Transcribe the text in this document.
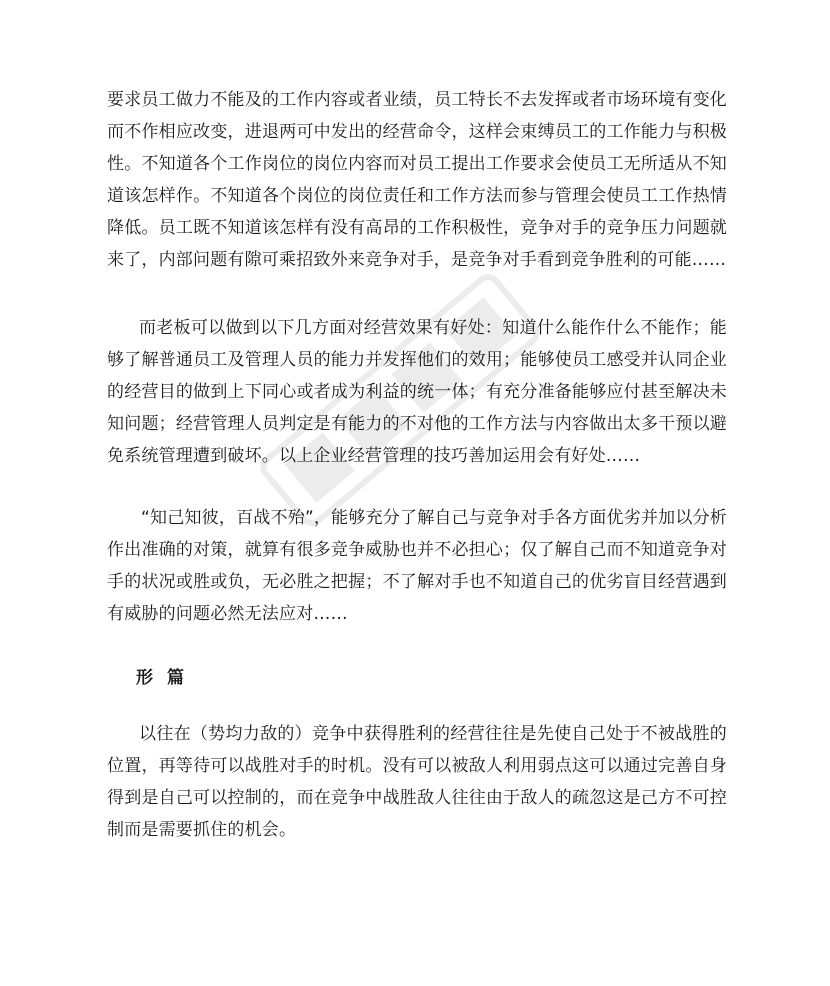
要求员工做力不能及的工作内容或者业绩，员工特长不去发挥或者市场环境有变化而不作相应改变，进退两可中发出的经营命令，这样会束缚员工的工作能力与积极性。不知道各个工作岗位的岗位内容而对员工提出工作要求会使员工无所适从不知道该怎样作。不知道各个岗位的岗位责任和工作方法而参与管理会使员工工作热情降低。员工既不知道该怎样有没有高昂的工作积极性，竞争对手的竞争压力问题就来了，内部问题有隙可乘招致外来竞争对手，是竞争对手看到竞争胜利的可能……

而老板可以做到以下几方面对经营效果有好处：知道什么能作什么不能作；能够了解普通员工及管理人员的能力并发挥他们的效用；能够使员工感受并认同企业的经营目的做到上下同心或者成为利益的统一体；有充分准备能够应付甚至解决未知问题；经营管理人员判定是有能力的不对他的工作方法与内容做出太多干预以避免系统管理遭到破坏。以上企业经营管理的技巧善加运用会有好处……

“知己知彼，百战不殆”，能够充分了解自己与竞争对手各方面优劣并加以分析作出准确的对策，就算有很多竞争威胁也并不必担心；仅了解自己而不知道竞争对手的状况或胜或负，无必胜之把握；不了解对手也不知道自己的优劣盲目经营遇到有威胁的问题必然无法应对……

形篇

以往在（势均力敌的）竞争中获得胜利的经营往往是先使自己处于不被战胜的位置，再等待可以战胜对手的时机。没有可以被敌人利用弱点这可以通过完善自身得到是自己可以控制的，而在竞争中战胜敌人往往由于敌人的疏忽这是己方不可控制而是需要抓住的机会。
